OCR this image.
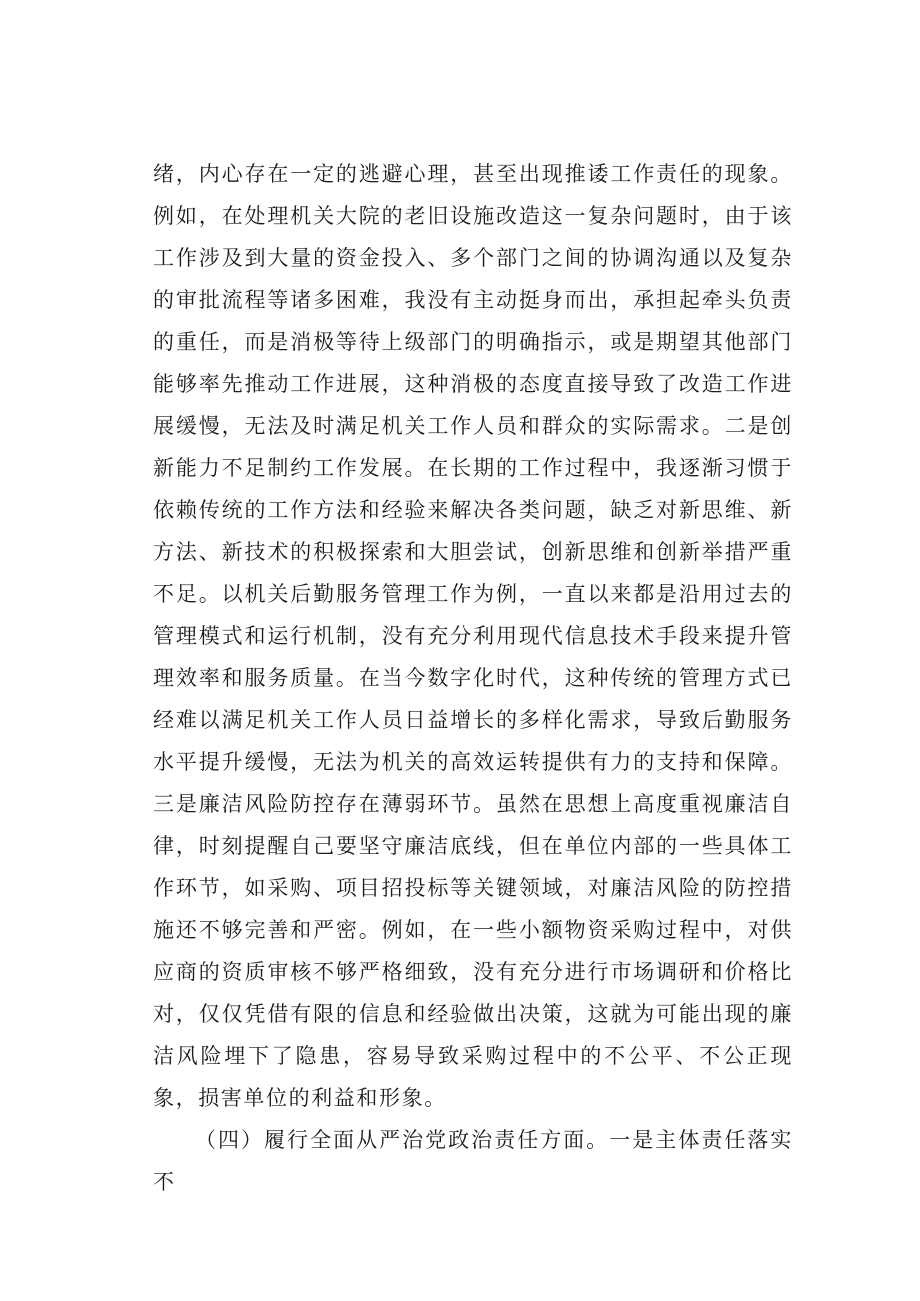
绪，内心存在一定的逃避心理，甚至出现推诿工作责任的现象。例如，在处理机关大院的老旧设施改造这一复杂问题时，由于该工作涉及到大量的资金投入、多个部门之间的协调沟通以及复杂的审批流程等诸多困难，我没有主动挺身而出，承担起牵头负责的重任，而是消极等待上级部门的明确指示，或是期望其他部门能够率先推动工作进展，这种消极的态度直接导致了改造工作进展缓慢，无法及时满足机关工作人员和群众的实际需求。二是创新能力不足制约工作发展。在长期的工作过程中，我逐渐习惯于依赖传统的工作方法和经验来解决各类问题，缺乏对新思维、新方法、新技术的积极探索和大胆尝试，创新思维和创新举措严重不足。以机关后勤服务管理工作为例，一直以来都是沿用过去的管理模式和运行机制，没有充分利用现代信息技术手段来提升管理效率和服务质量。在当今数字化时代，这种传统的管理方式已经难以满足机关工作人员日益增长的多样化需求，导致后勤服务水平提升缓慢，无法为机关的高效运转提供有力的支持和保障。三是廉洁风险防控存在薄弱环节。虽然在思想上高度重视廉洁自律，时刻提醒自己要坚守廉洁底线，但在单位内部的一些具体工作环节，如采购、项目招投标等关键领域，对廉洁风险的防控措施还不够完善和严密。例如，在一些小额物资采购过程中，对供应商的资质审核不够严格细致，没有充分进行市场调研和价格比对，仅仅凭借有限的信息和经验做出决策，这就为可能出现的廉洁风险埋下了隐患，容易导致采购过程中的不公平、不公正现象，损害单位的利益和形象。

（四）履行全面从严治党政治责任方面。一是主体责任落实不
